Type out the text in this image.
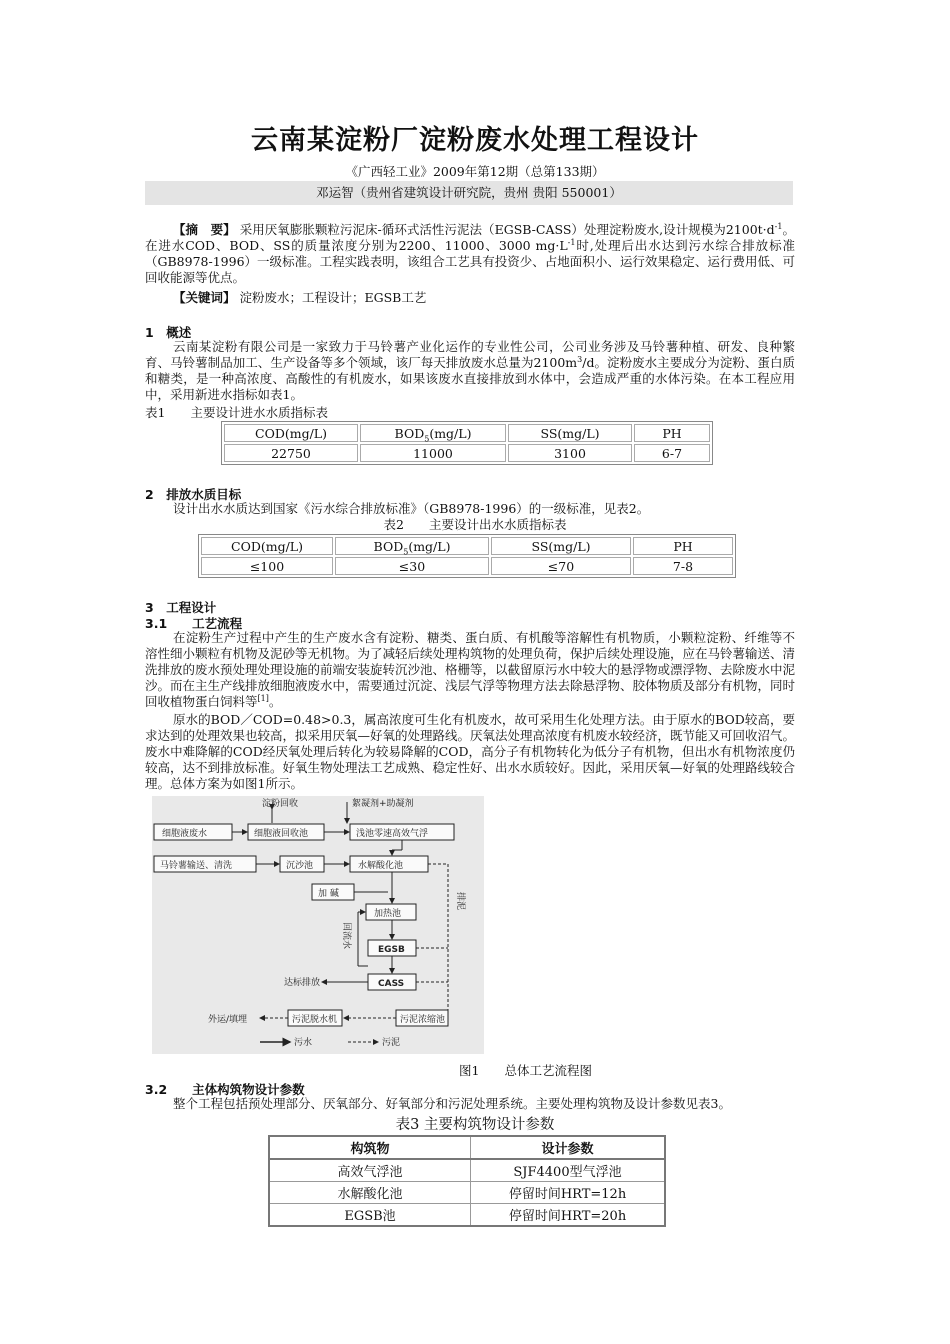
云南某淀粉厂淀粉废水处理工程设计
《广西轻工业》2009年第12期（总第133期）
邓运智（贵州省建筑设计研究院，贵州 贵阳 550001）
【摘　要】 采用厌氧膨胀颗粒污泥床-循环式活性污泥法（EGSB-CASS）处理淀粉废水,设计规模为$2100t\cdot d^{-1}$。在进水COD、BOD、SS的质量浓度分别为2200、11000、3000 $mg\cdot L^{-1}$时,处理后出水达到污水综合排放标准（GB8978-1996）一级标准。工程实践表明，该组合工艺具有投资少、占地面积小、运行效果稳定、运行费用低、可回收能源等优点。
【关键词】 淀粉废水；工程设计；EGSB工艺
1　概述
云南某淀粉有限公司是一家致力于马铃薯产业化运作的专业性公司，公司业务涉及马铃薯种植、研发、良种繁育、马铃薯制品加工、生产设备等多个领域，该厂每天排放废水总量为$2100m^3/d$。淀粉废水主要成分为淀粉、蛋白质和糖类，是一种高浓度、高酸性的有机废水，如果该废水直接排放到水体中，会造成严重的水体污染。在本工程应用中，采用新进水指标如表1。
表1　　主要设计进水水质指标表
COD(mg/L)	$BOD_5(mg/L)$	SS(mg/L)	PH
22750	11000	3100	6-7
2　排放水质目标
设计出水水质达到国家《污水综合排放标准》（GB8978-1996）的一级标准，见表2。
表2　　主要设计出水水质指标表
COD(mg/L)	$BOD_5(mg/L)$	SS(mg/L)	PH
≤100	≤30	≤70	7-8
3　工程设计
3.1　　工艺流程
在淀粉生产过程中产生的生产废水含有淀粉、糖类、蛋白质、有机酸等溶解性有机物质，小颗粒淀粉、纤维等不溶性细小颗粒有机物及泥砂等无机物。为了减轻后续处理构筑物的处理负荷，保护后续处理设施，应在马铃薯输送、清洗排放的废水预处理处理设施的前端安装旋转沉沙池、格栅等，以截留原污水中较大的悬浮物或漂浮物、去除废水中泥沙。而在主生产线排放细胞液废水中，需要通过沉淀、浅层气浮等物理方法去除悬浮物、胶体物质及部分有机物，同时回收植物蛋白饲料等[1]。
原水的BOD／COD=0.48>0.3，属高浓度可生化有机废水，故可采用生化处理方法。由于原水的BOD较高，要求达到的处理效果也较高，拟采用厌氧—好氧的处理路线。厌氧法处理高浓度有机废水较经济，既节能又可回收沼气。废水中难降解的COD经厌氧处理后转化为较易降解的COD，高分子有机物转化为低分子有机物，但出水有机物浓度仍较高，达不到排放标准。好氧生物处理法工艺成熟、稳定性好、出水水质较好。因此，采用厌氧—好氧的处理路线较合理。总体方案为如图1所示。
淀粉回收	絮凝剂+助凝剂
细胞液废水	细胞液回收池	浅池零速高效气浮
马铃薯输送、清洗	沉沙池	水解酸化池
加 碱
加热池
回流水
EGSB
CASS
达标排放
排泥
污泥浓缩池
污泥脱水机
外运/填埋
污水	污泥
图1　　总体工艺流程图
3.2　　主体构筑物设计参数
整个工程包括预处理部分、厌氧部分、好氧部分和污泥处理系统。主要处理构筑物及设计参数见表3。
表3 主要构筑物设计参数
构筑物	设计参数
高效气浮池	SJF4400型气浮池
水解酸化池	停留时间HRT=12h
EGSB池	停留时间HRT=20h
